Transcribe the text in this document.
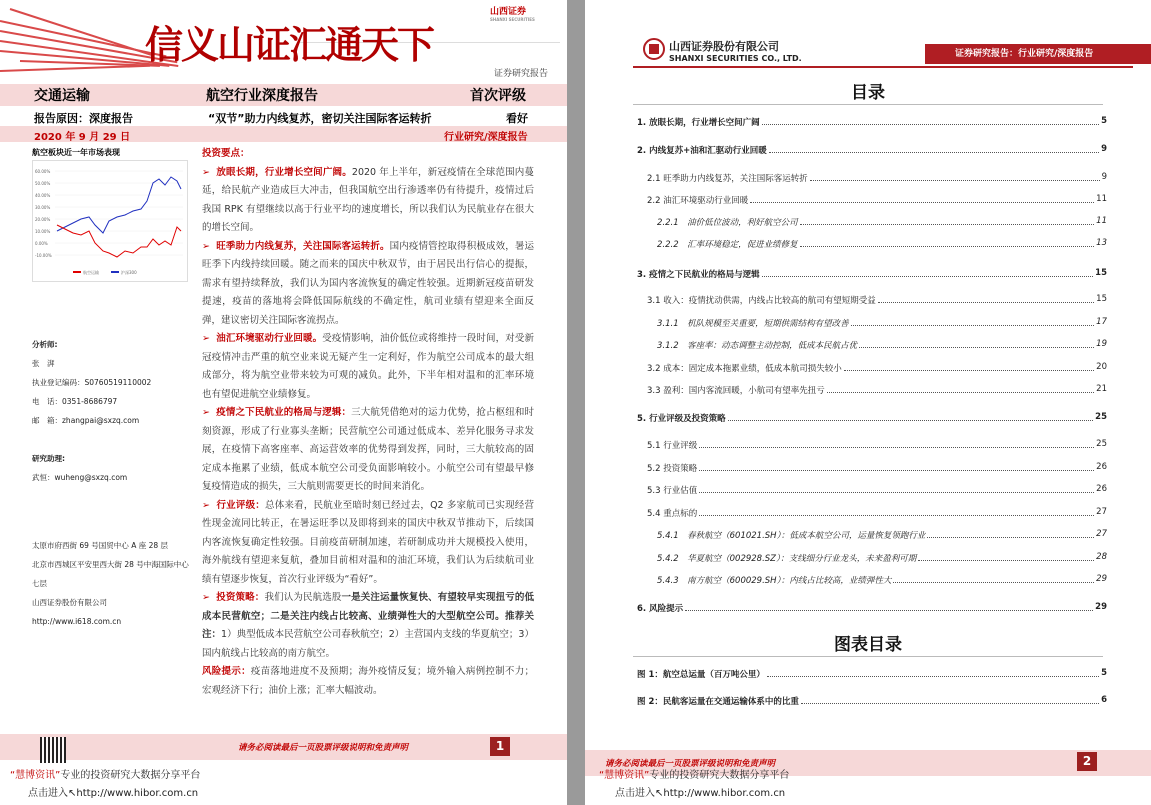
信义山证汇通天下
山西证券
SHANXI SECURITIES
证券研究报告
交通运输	航空行业深度报告	首次评级
报告原因：深度报告	“双节”助力内线复苏，密切关注国际客运转折	看好
2020 年 9 月 29 日	行业研究/深度报告
航空板块近一年市场表现
60.00%
50.00%
40.00%
30.00%
20.00%
10.00%
0.00%
-10.00%
航空运输	沪深300
分析师:
张　湃
执业登记编码：S0760519110002
电　话：0351-8686797
邮　箱：zhangpai@sxzq.com
研究助理:
武恒：wuheng@sxzq.com
太原市府西街 69 号国贸中心 A 座 28 层
北京市西城区平安里西大街 28 号中海国际中心七层
山西证券股份有限公司
http://www.i618.com.cn

投资要点：

➢ 放眼长期，行业增长空间广阔。2020 年上半年，新冠疫情在全球范围内蔓延，给民航产业造成巨大冲击，但我国航空出行渗透率仍有待提升，疫情过后我国 RPK 有望继续以高于行业平均的速度增长，所以我们认为民航业存在很大的增长空间。

➢ 旺季助力内线复苏，关注国际客运转折。国内疫情管控取得积极成效，暑运旺季下内线持续回暖。随之而来的国庆中秋双节，由于居民出行信心的提振，需求有望持续释放，我们认为国内客流恢复的确定性较强。近期新冠疫苗研发提速，疫苗的落地将会降低国际航线的不确定性，航司业绩有望迎来全面反弹，建议密切关注国际客流拐点。

➢ 油汇环境驱动行业回暖。受疫情影响，油价低位或将维持一段时间，对受新冠疫情冲击严重的航空业来说无疑产生一定利好，作为航空公司成本的最大组成部分，将为航空业带来较为可观的减负。此外，下半年相对温和的汇率环境也有望促进航空业绩修复。

➢ 疫情之下民航业的格局与逻辑：三大航凭借绝对的运力优势，抢占枢纽和时刻资源，形成了行业寡头垄断；民营航空公司通过低成本、差异化服务寻求发展，在疫情下高客座率、高运营效率的优势得到发挥，同时，三大航较高的固定成本拖累了业绩，低成本航空公司受负面影响较小。小航空公司有望最早修复疫情造成的损失，三大航则需要更长的时间来消化。

➢ 行业评级：总体来看，民航业至暗时刻已经过去，Q2 多家航司已实现经营性现金流同比转正，在暑运旺季以及即将到来的国庆中秋双节推动下，后续国内客流恢复确定性较强。目前疫苗研制加速，若研制成功并大规模投入使用，海外航线有望迎来复航，叠加目前相对温和的油汇环境，我们认为后续航司业绩有望逐步恢复，首次行业评级为“看好”。

➢ 投资策略：我们认为民航选股一是关注运量恢复快、有望较早实现扭亏的低成本民营航空；二是关注内线占比较高、业绩弹性大的大型航空公司。推荐关注：1）典型低成本民营航空公司春秋航空；2）主营国内支线的华夏航空；3）国内航线占比较高的南方航空。

风险提示：疫苗落地进度不及预期；海外疫情反复；境外输入病例控制不力；宏观经济下行；油价上涨；汇率大幅波动。

请务必阅读最后一页股票评级说明和免责声明	1
“慧博资讯”专业的投资研究大数据分享平台
点击进入↖http://www.hibor.com.cn
山西证券股份有限公司
SHANXI SECURITIES CO., LTD.	证券研究报告：行业研究/深度报告
目录
1. 放眼长期，行业增长空间广阔	5
2. 内线复苏+油和汇驱动行业回暖	9
2.1 旺季助力内线复苏，关注国际客运转折	9
2.2 油汇环境驱动行业回暖	11
2.2.1　油价低位波动，利好航空公司	11
2.2.2　汇率环境稳定，促进业绩修复	13
3. 疫情之下民航业的格局与逻辑	15
3.1 收入：疫情扰动供需，内线占比较高的航司有望短期受益	15
3.1.1　机队规模至关重要，短期供需结构有望改善	17
3.1.2　客座率：动态调整主动控制，低成本民航占优	19
3.2 成本：固定成本拖累业绩，低成本航司损失较小	20
3.3 盈利：国内客流回暖，小航司有望率先扭亏	21
5. 行业评级及投资策略	25
5.1 行业评级	25
5.2 投资策略	26
5.3 行业估值	26
5.4 重点标的	27
5.4.1　春秋航空（601021.SH）：低成本航空公司，运量恢复领跑行业	27
5.4.2　华夏航空（002928.SZ）：支线细分行业龙头，未来盈利可期	28
5.4.3　南方航空（600029.SH）：内线占比较高，业绩弹性大	29
6. 风险提示	29
图表目录
图 1：航空总运量（百万吨公里）	5
图 2：民航客运量在交通运输体系中的比重	6
请务必阅读最后一页股票评级说明和免责声明	2
“慧博资讯”专业的投资研究大数据分享平台
点击进入↖http://www.hibor.com.cn
